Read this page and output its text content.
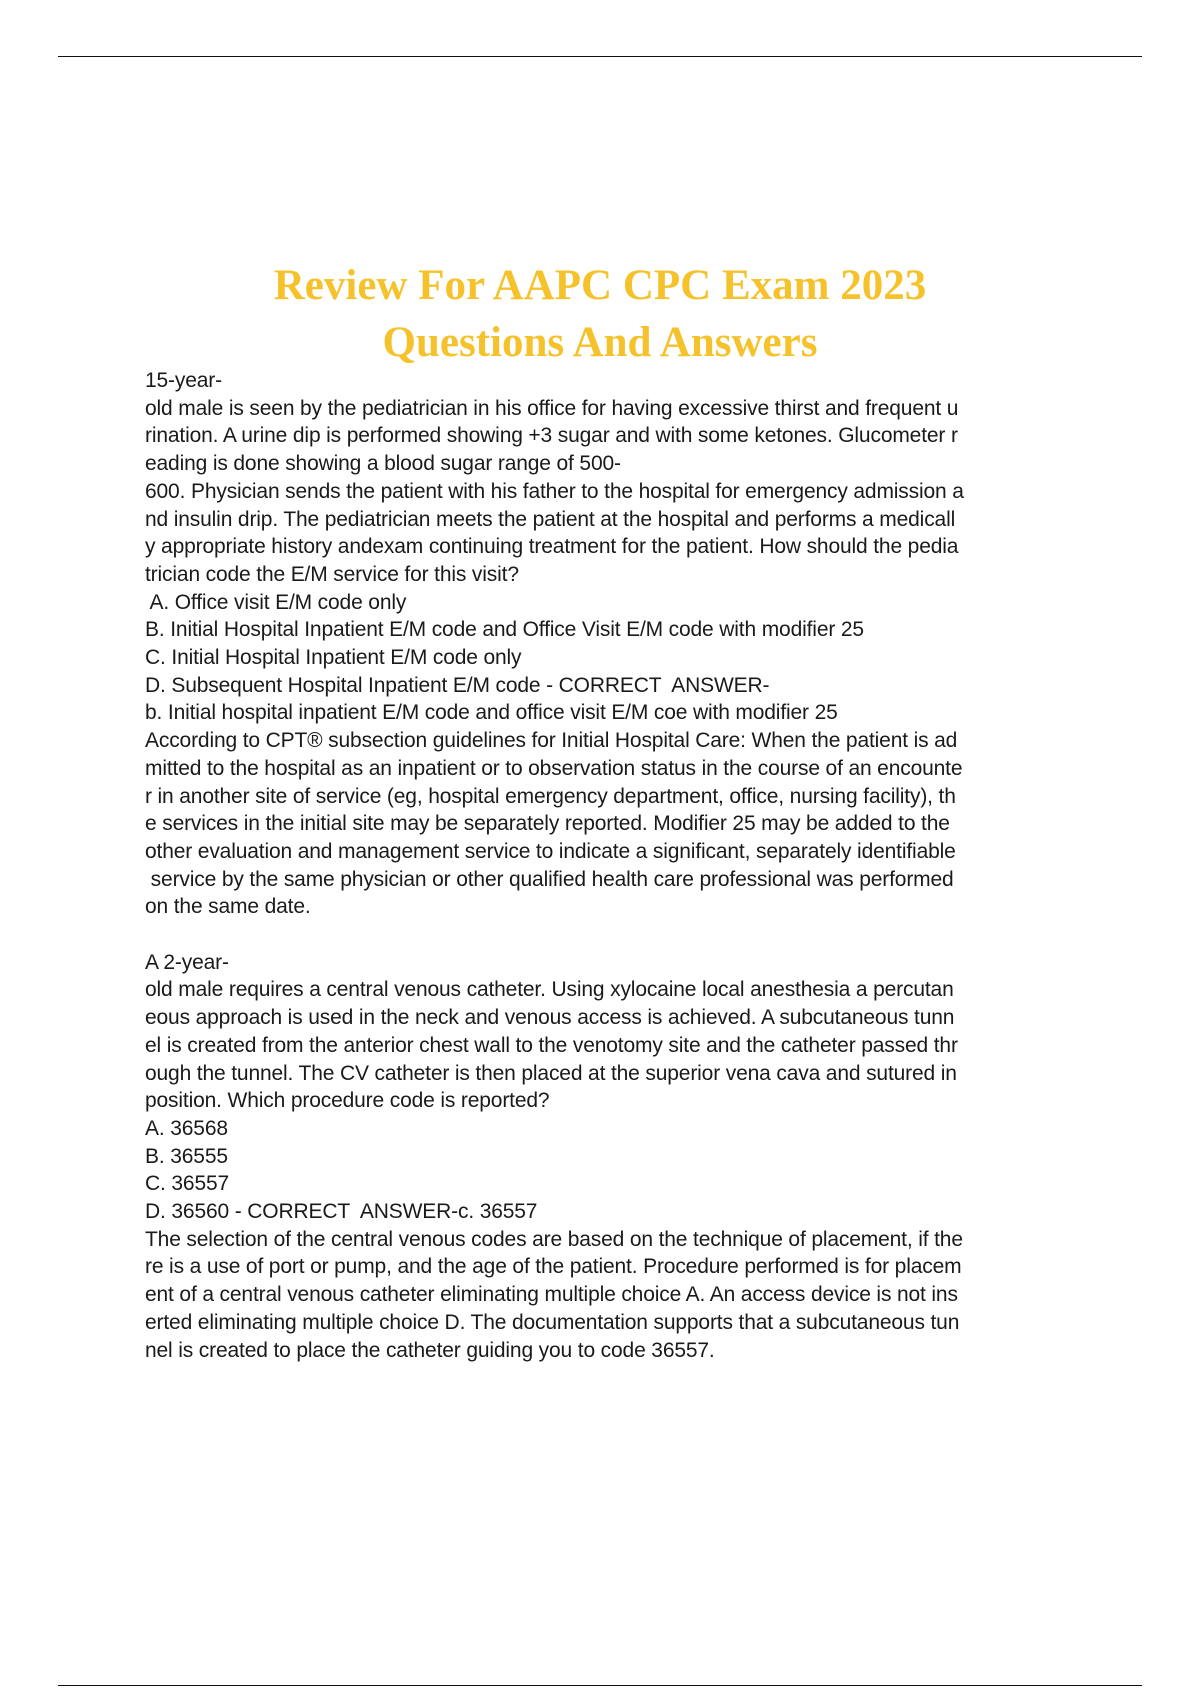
Review For AAPC CPC Exam 2023
Questions And Answers
15-year-
old male is seen by the pediatrician in his office for having excessive thirst and frequent u
rination. A urine dip is performed showing +3 sugar and with some ketones. Glucometer r
eading is done showing a blood sugar range of 500-
600. Physician sends the patient with his father to the hospital for emergency admission a
nd insulin drip. The pediatrician meets the patient at the hospital and performs a medicall
y appropriate history andexam continuing treatment for the patient. How should the pedia
trician code the E/M service for this visit?
A. Office visit E/M code only
B. Initial Hospital Inpatient E/M code and Office Visit E/M code with modifier 25
C. Initial Hospital Inpatient E/M code only
D. Subsequent Hospital Inpatient E/M code - CORRECT  ANSWER-
b. Initial hospital inpatient E/M code and office visit E/M coe with modifier 25
According to CPT® subsection guidelines for Initial Hospital Care: When the patient is ad
mitted to the hospital as an inpatient or to observation status in the course of an encounte
r in another site of service (eg, hospital emergency department, office, nursing facility), th
e services in the initial site may be separately reported. Modifier 25 may be added to the
other evaluation and management service to indicate a significant, separately identifiable
service by the same physician or other qualified health care professional was performed
on the same date.
A 2-year-
old male requires a central venous catheter. Using xylocaine local anesthesia a percutan
eous approach is used in the neck and venous access is achieved. A subcutaneous tunn
el is created from the anterior chest wall to the venotomy site and the catheter passed thr
ough the tunnel. The CV catheter is then placed at the superior vena cava and sutured in
position. Which procedure code is reported?
A. 36568
B. 36555
C. 36557
D. 36560 - CORRECT  ANSWER-c. 36557
The selection of the central venous codes are based on the technique of placement, if the
re is a use of port or pump, and the age of the patient. Procedure performed is for placem
ent of a central venous catheter eliminating multiple choice A. An access device is not ins
erted eliminating multiple choice D. The documentation supports that a subcutaneous tun
nel is created to place the catheter guiding you to code 36557.
